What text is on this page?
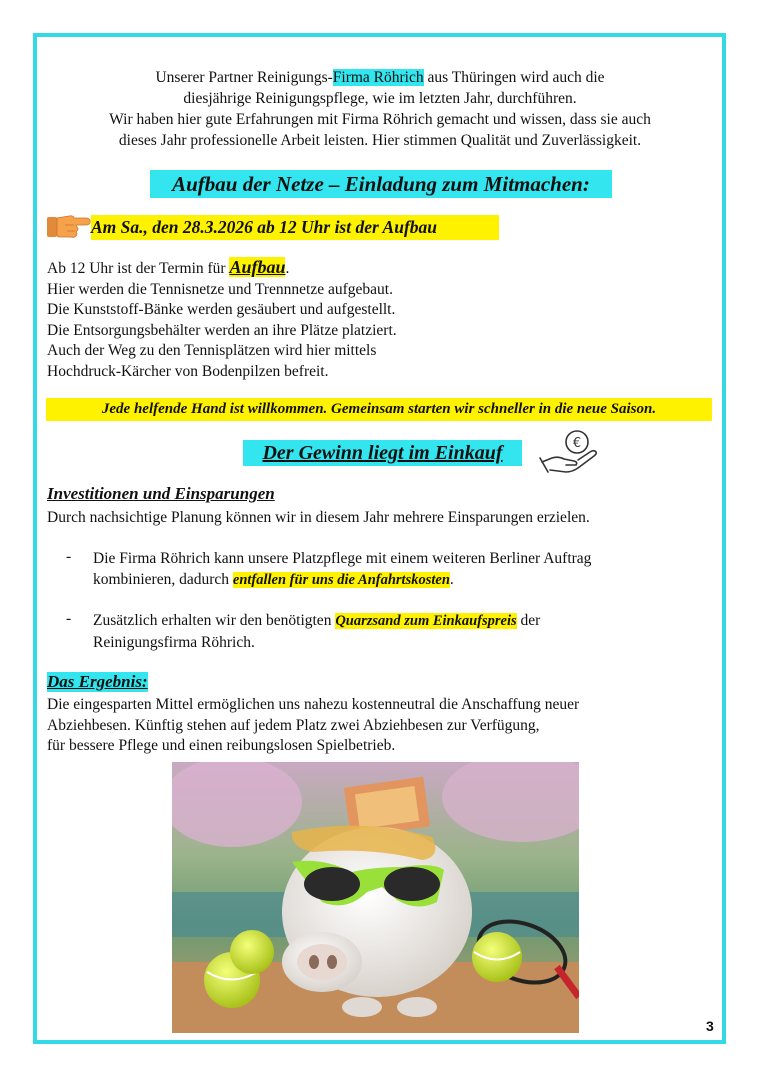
Unserer Partner Reinigungs-Firma Röhrich aus Thüringen wird auch die

diesjährige Reinigungspflege, wie im letzten Jahr, durchführen.

Wir haben hier gute Erfahrungen mit Firma Röhrich gemacht und wissen, dass sie auch

dieses Jahr professionelle Arbeit leisten. Hier stimmen Qualität und Zuverlässigkeit.

Aufbau der Netze – Einladung zum Mitmachen:
Am Sa., den 28.3.2026 ab 12 Uhr ist der Aufbau

Ab 12 Uhr ist der Termin für Aufbau.

Hier werden die Tennisnetze und Trennnetze aufgebaut.

Die Kunststoff-Bänke werden gesäubert und aufgestellt.

Die Entsorgungsbehälter werden an ihre Plätze platziert.

Auch der Weg zu den Tennisplätzen wird hier mittels

Hochdruck-Kärcher von Bodenpilzen befreit.

Jede helfende Hand ist willkommen. Gemeinsam starten wir schneller in die neue Saison.
Der Gewinn liegt im Einkauf	€
Investitionen und Einsparungen
Durch nachsichtige Planung können wir in diesem Jahr mehrere Einsparungen erzielen.
- Die Firma Röhrich kann unsere Platzpflege mit einem weiteren Berliner Auftrag

kombinieren, dadurch entfallen für uns die Anfahrtskosten.

- Zusätzlich erhalten wir den benötigten Quarzsand zum Einkaufspreis der

Reinigungsfirma Röhrich.

Das Ergebnis:

Die eingesparten Mittel ermöglichen uns nahezu kostenneutral die Anschaffung neuer

Abziehbesen. Künftig stehen auf jedem Platz zwei Abziehbesen zur Verfügung,

für bessere Pflege und einen reibungslosen Spielbetrieb.

3
